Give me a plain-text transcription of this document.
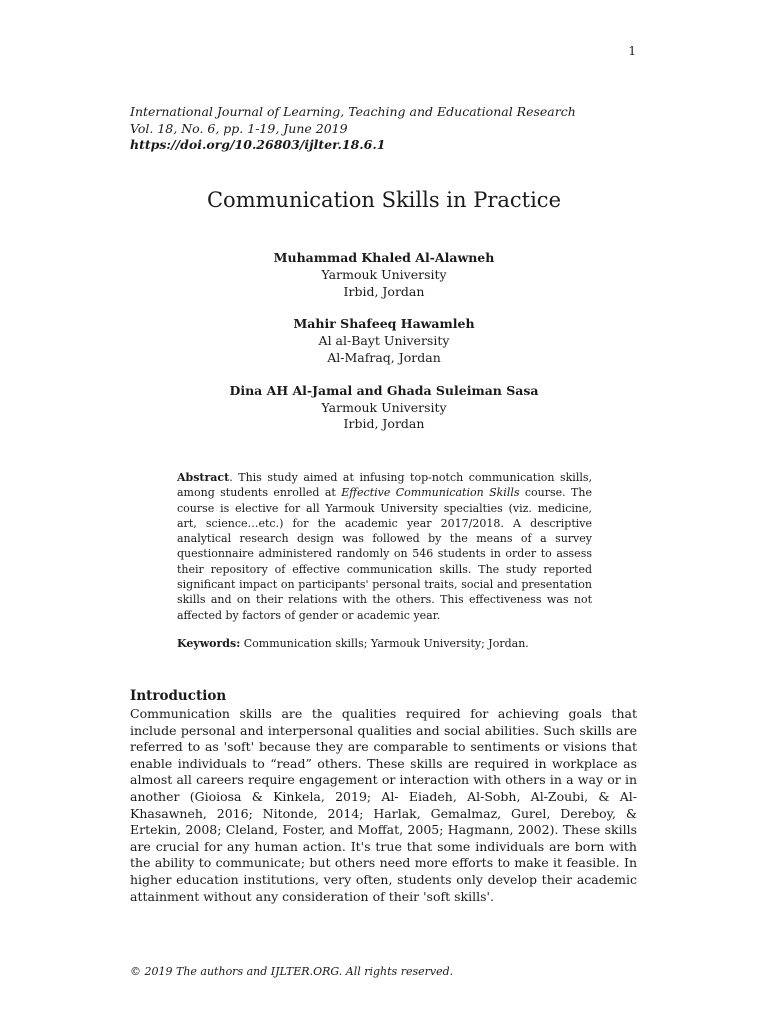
1
International Journal of Learning, Teaching and Educational Research
Vol. 18, No. 6, pp. 1-19, June 2019
https://doi.org/10.26803/ijlter.18.6.1
Communication Skills in Practice
Muhammad Khaled Al-Alawneh
Yarmouk University
Irbid, Jordan
Mahir Shafeeq Hawamleh
Al al-Bayt University
Al-Mafraq, Jordan
Dina AH Al-Jamal and Ghada Suleiman Sasa
Yarmouk University
Irbid, Jordan
Abstract. This study aimed at infusing top-notch communication skills, among students enrolled at Effective Communication Skills course. The course is elective for all Yarmouk University specialties (viz. medicine, art, science…etc.) for the academic year 2017/2018. A descriptive analytical research design was followed by the means of a survey questionnaire administered randomly on 546 students in order to assess their repository of effective communication skills. The study reported significant impact on participants' personal traits, social and presentation skills and on their relations with the others. This effectiveness was not affected by factors of gender or academic year.
Keywords: Communication skills; Yarmouk University; Jordan.
Introduction

Communication skills are the qualities required for achieving goals that include personal and interpersonal qualities and social abilities. Such skills are referred to as 'soft' because they are comparable to sentiments or visions that enable individuals to “read” others. These skills are required in workplace as almost all careers require engagement or interaction with others in a way or in another (Gioiosa & Kinkela, 2019; Al- Eiadeh, Al-Sobh, Al-Zoubi, & Al-Khasawneh, 2016; Nitonde, 2014; Harlak, Gemalmaz, Gurel, Dereboy, & Ertekin, 2008; Cleland, Foster, and Moffat, 2005; Hagmann, 2002). These skills are crucial for any human action. It's true that some individuals are born with the ability to communicate; but others need more efforts to make it feasible. In higher education institutions, very often, students only develop their academic attainment without any consideration of their 'soft skills'.

© 2019 The authors and IJLTER.ORG. All rights reserved.
